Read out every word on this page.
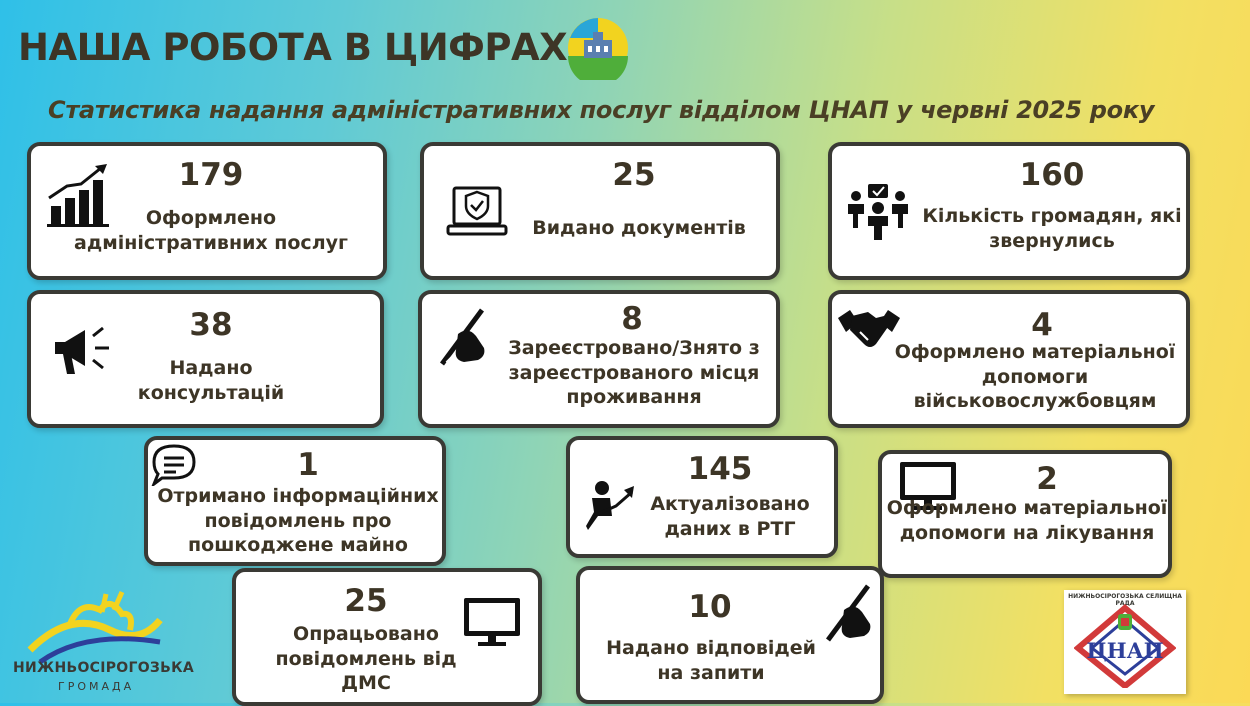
НАША РОБОТА В ЦИФРАХ
Статистика надання адміністративних послуг відділом ЦНАП у червні 2025 року
179
Оформлено адміністративних послуг
25
Видано документів
160
Кількість громадян, які звернулись
38
Надано консультацій
8
Зареєстровано/Знято з зареєстрованого місця проживання
4
Оформлено матеріальної допомоги військовослужбовцям
1
Отримано інформаційних повідомлень про пошкоджене майно
145
Актуалізовано даних в РТГ
2
Оформлено матеріальної допомоги на лікування
25
Опрацьовано повідомлень від ДМС
10
Надано відповідей на запити
НИЖНЬОСІРОГОЗЬКА
ГРОМАДА
НИЖНЬОСІРОГОЗЬКА СЕЛИЩНА РАДА
ЦНАП
